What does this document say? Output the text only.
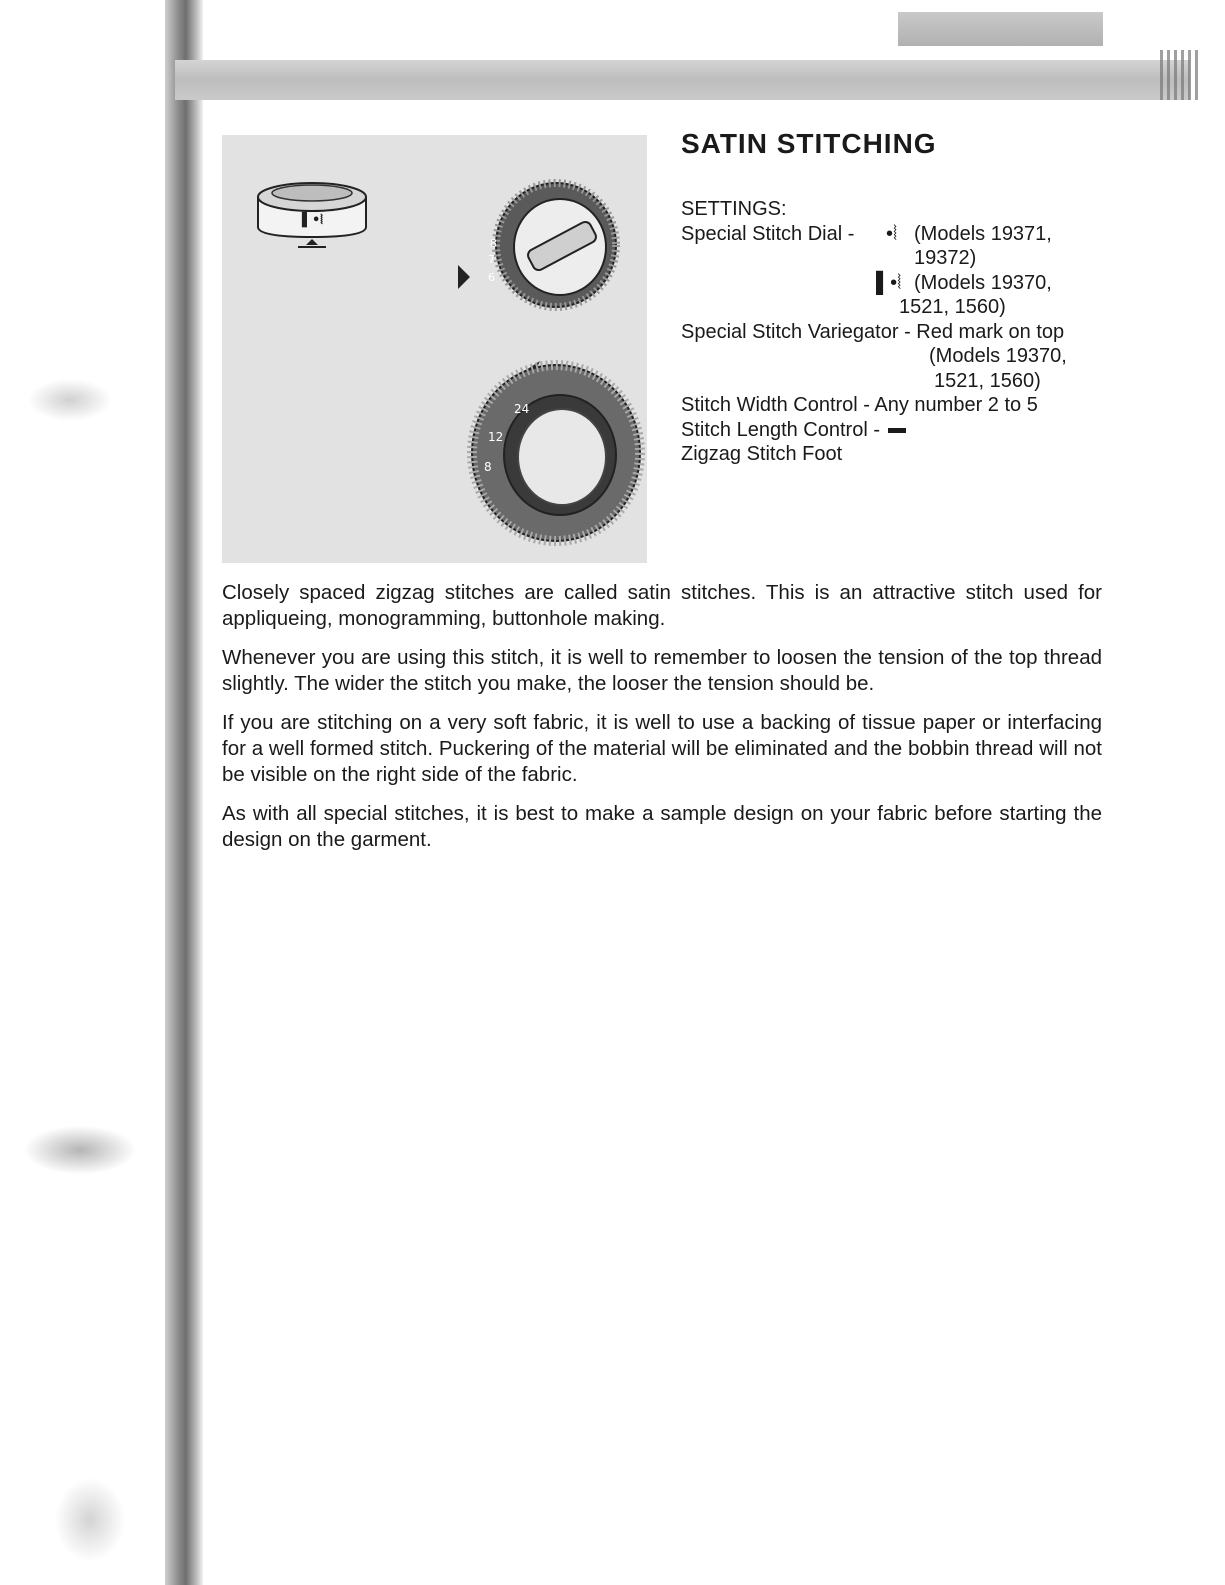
▌•⦚
8
7
6
24
12
8
SATIN STITCHING
SETTINGS:
Special Stitch Dial - •⦚ (Models 19371,
19372)
▌•⦚ (Models 19370,
1521, 1560)
Special Stitch Variegator - Red mark on top
(Models 19370,
1521, 1560)
Stitch Width Control - Any number 2 to 5
Stitch Length Control -
Zigzag Stitch Foot

Closely spaced zigzag stitches are called satin stitches. This is an attractive stitch used for appliqueing, monogramming, buttonhole making.

Whenever you are using this stitch, it is well to remember to loosen the tension of the top thread slightly. The wider the stitch you make, the looser the tension should be.

If you are stitching on a very soft fabric, it is well to use a backing of tissue paper or interfacing for a well formed stitch. Puckering of the material will be eliminated and the bobbin thread will not be visible on the right side of the fabric.

As with all special stitches, it is best to make a sample design on your fabric before starting the design on the garment.
